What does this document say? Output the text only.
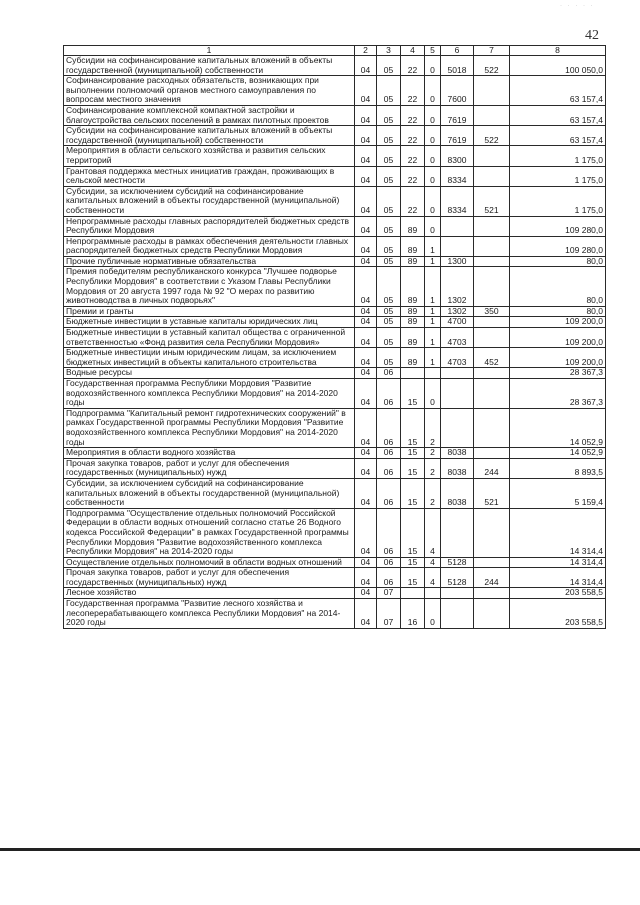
· · · · ·
42
1	2	3	4	5	6	7	8
Субсидии на софинансирование капитальных вложений в объекты государственной (муниципальной) собственности	04	05	22	0	5018	522	100 050,0
Софинансирование расходных обязательств, возникающих при выполнении полномочий органов местного самоуправления по вопросам местного значения	04	05	22	0	7600		63 157,4
Софинансирование комплексной компактной застройки и благоустройства сельских поселений в рамках пилотных проектов	04	05	22	0	7619		63 157,4
Субсидии на софинансирование капитальных вложений в объекты государственной (муниципальной) собственности	04	05	22	0	7619	522	63 157,4
Мероприятия в области сельского хозяйства и развития сельских территорий	04	05	22	0	8300		1 175,0
Грантовая поддержка местных инициатив граждан, проживающих в сельской местности	04	05	22	0	8334		1 175,0
Субсидии, за исключением субсидий на софинансирование капитальных вложений в объекты государственной (муниципальной) собственности	04	05	22	0	8334	521	1 175,0
Непрограммные расходы главных распорядителей бюджетных средств Республики Мордовия	04	05	89	0			109 280,0
Непрограммные расходы в рамках обеспечения деятельности главных распорядителей бюджетных средств Республики Мордовия	04	05	89	1			109 280,0
Прочие публичные нормативные обязательства	04	05	89	1	1300		80,0
Премия победителям республиканского конкурса "Лучшее подворье Республики Мордовия" в соответствии с Указом Главы Республики Мордовия от 20 августа 1997 года № 92 "О мерах по развитию животноводства в личных подворьях"	04	05	89	1	1302		80,0
Премии и гранты	04	05	89	1	1302	350	80,0
Бюджетные инвестиции в уставные капиталы юридических лиц	04	05	89	1	4700		109 200,0
Бюджетные инвестиции в уставный капитал общества с ограниченной ответственностью «Фонд развития села Республики Мордовия»	04	05	89	1	4703		109 200,0
Бюджетные инвестиции иным юридическим лицам, за исключением бюджетных инвестиций в объекты капитального строительства	04	05	89	1	4703	452	109 200,0
Водные ресурсы	04	06					28 367,3
Государственная программа Республики Мордовия "Развитие водохозяйственного комплекса Республики Мордовия" на 2014-2020 годы	04	06	15	0			28 367,3
Подпрограмма "Капитальный ремонт гидротехнических сооружений" в рамках Государственной программы Республики Мордовия "Развитие водохозяйственного комплекса Республики Мордовия" на 2014-2020 годы	04	06	15	2			14 052,9
Мероприятия в области водного хозяйства	04	06	15	2	8038		14 052,9
Прочая закупка товаров, работ и услуг для обеспечения государственных (муниципальных) нужд	04	06	15	2	8038	244	8 893,5
Субсидии, за исключением субсидий на софинансирование капитальных вложений в объекты государственной (муниципальной) собственности	04	06	15	2	8038	521	5 159,4
Подпрограмма "Осуществление отдельных полномочий Российской Федерации в области водных отношений согласно статье 26 Водного кодекса Российской Федерации" в рамках Государственной программы Республики Мордовия "Развитие водохозяйственного комплекса Республики Мордовия" на 2014-2020 годы	04	06	15	4			14 314,4
Осуществление отдельных полномочий в области водных отношений	04	06	15	4	5128		14 314,4
Прочая закупка товаров, работ и услуг для обеспечения государственных (муниципальных) нужд	04	06	15	4	5128	244	14 314,4
Лесное хозяйство	04	07					203 558,5
Государственная программа "Развитие лесного хозяйства и лесоперерабатывающего комплекса Республики Мордовия" на 2014-2020 годы	04	07	16	0			203 558,5
